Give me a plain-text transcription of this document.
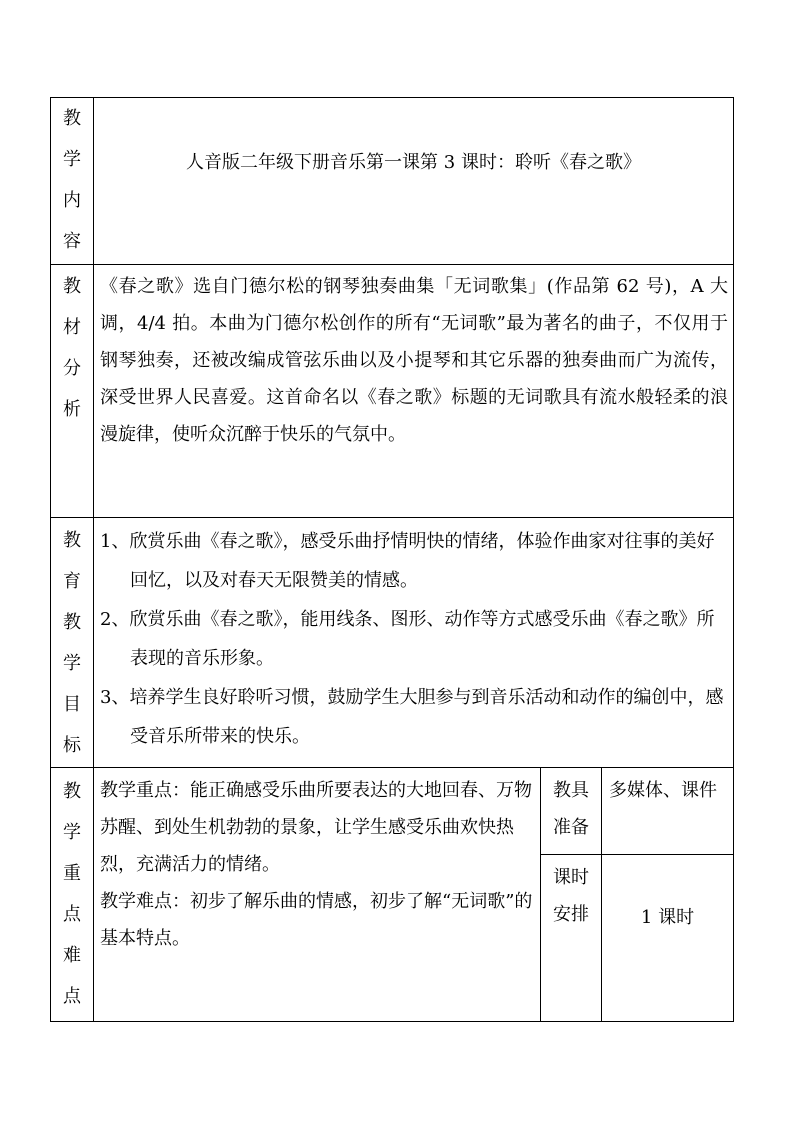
教
学
内
容
人音版二年级下册音乐第一课第 3 课时：聆听《春之歌》
教
材
分
析

《春之歌》选自门德尔松的钢琴独奏曲集「无词歌集」(作品第 62 号)，A 大调，4/4 拍。本曲为门德尔松创作的所有“无词歌”最为著名的曲子，不仅用于钢琴独奏，还被改编成管弦乐曲以及小提琴和其它乐器的独奏曲而广为流传，深受世界人民喜爱。这首命名以《春之歌》标题的无词歌具有流水般轻柔的浪漫旋律，使听众沉醉于快乐的气氛中。

教
育
教
学
目
标

1、欣赏乐曲《春之歌》，感受乐曲抒情明快的情绪，体验作曲家对往事的美好回忆，以及对春天无限赞美的情感。

2、欣赏乐曲《春之歌》，能用线条、图形、动作等方式感受乐曲《春之歌》所表现的音乐形象。

3、培养学生良好聆听习惯，鼓励学生大胆参与到音乐活动和动作的编创中，感受音乐所带来的快乐。

教
学
重
点
难
点

教学重点：能正确感受乐曲所要表达的大地回春、万物苏醒、到处生机勃勃的景象，让学生感受乐曲欢快热烈，充满活力的情绪。

教学难点：初步了解乐曲的情感，初步了解“无词歌”的基本特点。

教具
准备
多媒体、课件
课时
安排	1 课时
